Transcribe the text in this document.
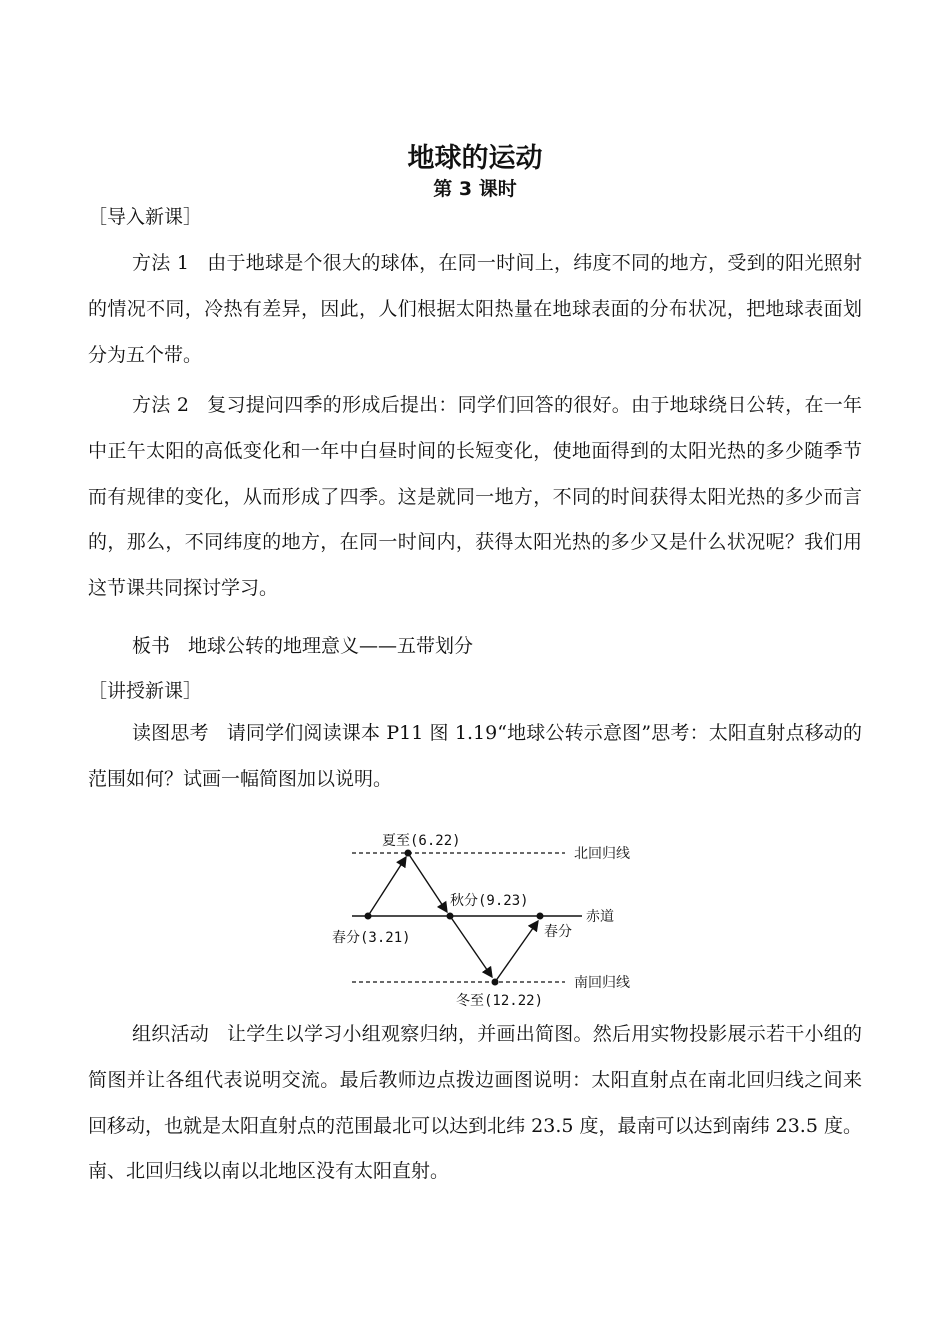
地球的运动
第 3 课时
［导入新课］

方法 1 由于地球是个很大的球体，在同一时间上，纬度不同的地方，受到的阳光照射的情况不同，冷热有差异，因此，人们根据太阳热量在地球表面的分布状况，把地球表面划分为五个带。

方法 2 复习提问四季的形成后提出：同学们回答的很好。由于地球绕日公转，在一年中正午太阳的高低变化和一年中白昼时间的长短变化，使地面得到的太阳光热的多少随季节而有规律的变化，从而形成了四季。这是就同一地方，不同的时间获得太阳光热的多少而言的，那么，不同纬度的地方，在同一时间内，获得太阳光热的多少又是什么状况呢？我们用这节课共同探讨学习。

板书 地球公转的地理意义——五带划分

［讲授新课］

读图思考 请同学们阅读课本 P11 图 1.19“地球公转示意图”思考：太阳直射点移动的范围如何？试画一幅简图加以说明。

夏至(6.22)
北回归线
秋分(9.23)
赤道
春分(3.21)	春分
南回归线
冬至(12.22)

组织活动 让学生以学习小组观察归纳，并画出简图。然后用实物投影展示若干小组的简图并让各组代表说明交流。最后教师边点拨边画图说明：太阳直射点在南北回归线之间来回移动，也就是太阳直射点的范围最北可以达到北纬 23.5 度，最南可以达到南纬 23.5 度。南、北回归线以南以北地区没有太阳直射。
